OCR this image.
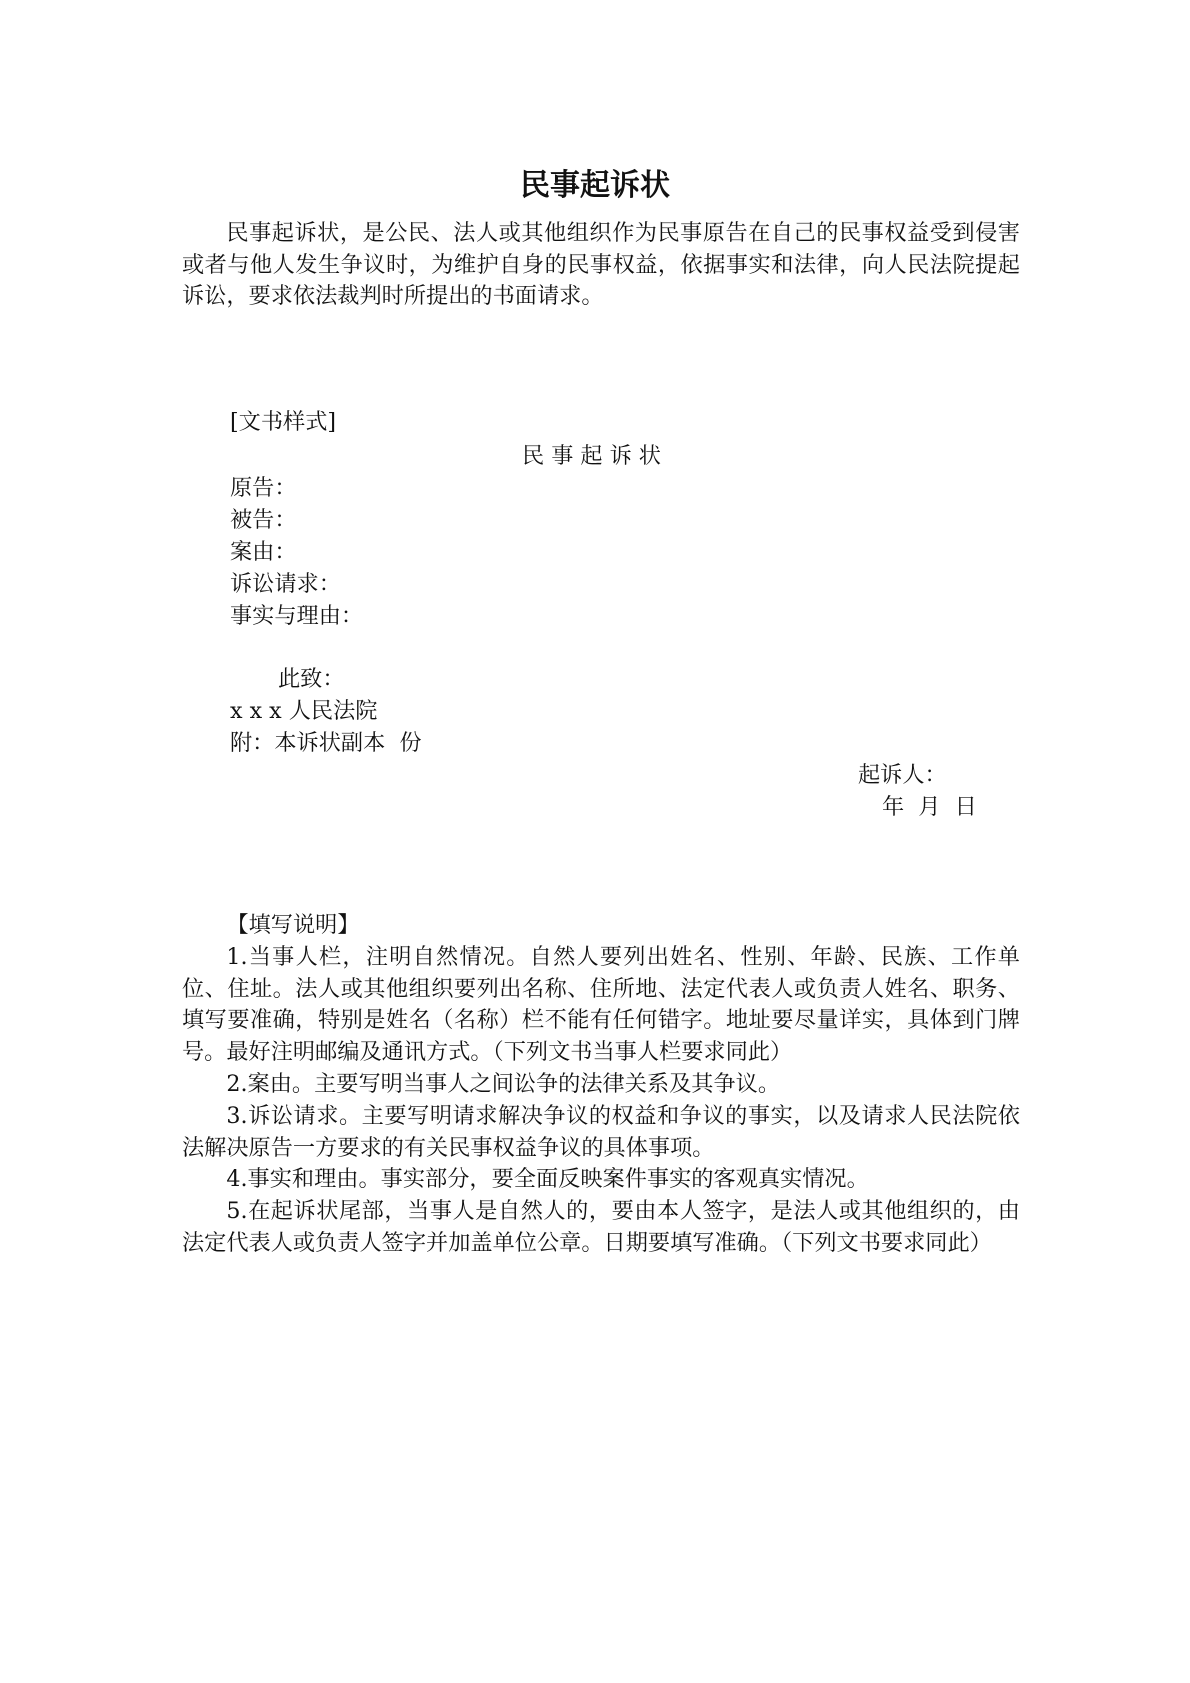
民事起诉状

民事起诉状，是公民、法人或其他组织作为民事原告在自己的民事权益受到侵害或者与他人发生争议时，为维护自身的民事权益，依据事实和法律，向人民法院提起诉讼，要求依法裁判时所提出的书面请求。

[文书样式]

民事起诉状

原告：

被告：

案由：

诉讼请求：

事实与理由：

此致：

x x x 人民法院

附：本诉状副本  份

起诉人：

年  月  日

【填写说明】

1.当事人栏，注明自然情况。自然人要列出姓名、性别、年龄、民族、工作单位、住址。法人或其他组织要列出名称、住所地、法定代表人或负责人姓名、职务、填写要准确，特别是姓名（名称）栏不能有任何错字。地址要尽量详实，具体到门牌号。最好注明邮编及通讯方式。（下列文书当事人栏要求同此）

2.案由。主要写明当事人之间讼争的法律关系及其争议。

3.诉讼请求。主要写明请求解决争议的权益和争议的事实，以及请求人民法院依法解决原告一方要求的有关民事权益争议的具体事项。

4.事实和理由。事实部分，要全面反映案件事实的客观真实情况。

5.在起诉状尾部，当事人是自然人的，要由本人签字，是法人或其他组织的，由法定代表人或负责人签字并加盖单位公章。日期要填写准确。（下列文书要求同此）
